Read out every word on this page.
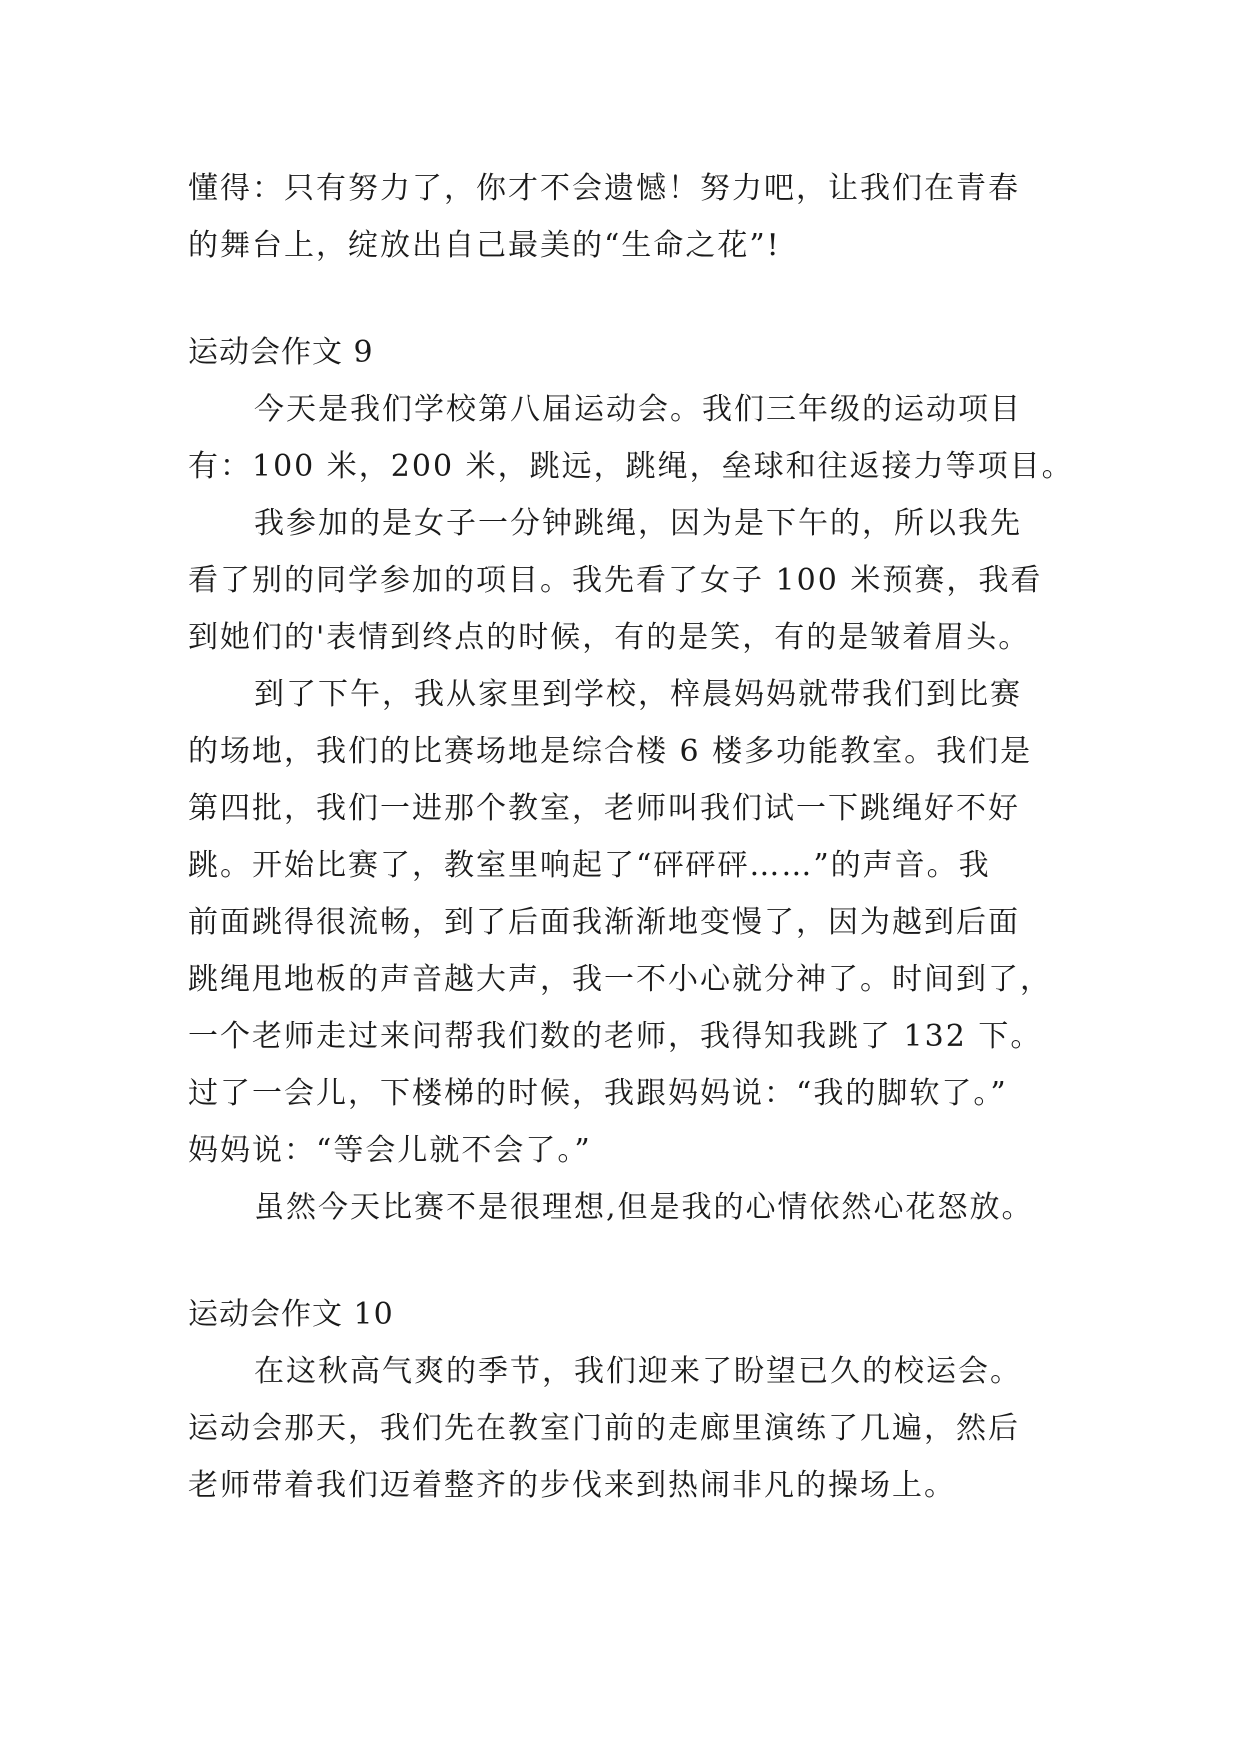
懂得：只有努力了，你才不会遗憾！努力吧，让我们在青春
的舞台上，绽放出自己最美的“生命之花”!
运动会作文 9
今天是我们学校第八届运动会。我们三年级的运动项目
有：100 米，200 米，跳远，跳绳，垒球和往返接力等项目。
我参加的是女子一分钟跳绳，因为是下午的，所以我先
看了别的同学参加的项目。我先看了女子 100 米预赛，我看
到她们的'表情到终点的时候，有的是笑，有的是皱着眉头。
到了下午，我从家里到学校，梓晨妈妈就带我们到比赛
的场地，我们的比赛场地是综合楼 6 楼多功能教室。我们是
第四批，我们一进那个教室，老师叫我们试一下跳绳好不好
跳。开始比赛了，教室里响起了“砰砰砰……”的声音。我
前面跳得很流畅，到了后面我渐渐地变慢了，因为越到后面
跳绳甩地板的声音越大声，我一不小心就分神了。时间到了，
一个老师走过来问帮我们数的老师，我得知我跳了 132 下。
过了一会儿，下楼梯的时候，我跟妈妈说：“我的脚软了。”
妈妈说：“等会儿就不会了。”
虽然今天比赛不是很理想,但是我的心情依然心花怒放。
运动会作文 10
在这秋高气爽的季节，我们迎来了盼望已久的校运会。
运动会那天，我们先在教室门前的走廊里演练了几遍，然后
老师带着我们迈着整齐的步伐来到热闹非凡的操场上。
